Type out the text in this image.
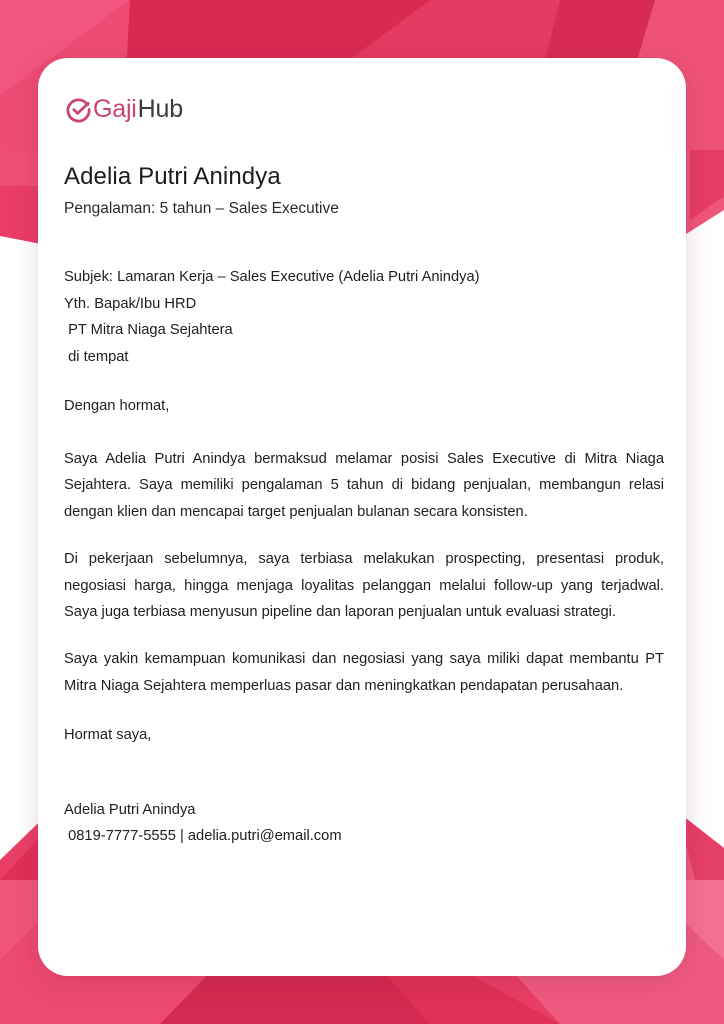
Gaji Hub
Adelia Putri Anindya
Pengalaman: 5 tahun – Sales Executive
Subjek: Lamaran Kerja – Sales Executive (Adelia Putri Anindya)
Yth. Bapak/Ibu HRD
PT Mitra Niaga Sejahtera
di tempat

Dengan hormat,

Saya Adelia Putri Anindya bermaksud melamar posisi Sales Executive di Mitra Niaga Sejahtera. Saya memiliki pengalaman 5 tahun di bidang penjualan, membangun relasi dengan klien dan mencapai target penjualan bulanan secara konsisten.

Di pekerjaan sebelumnya, saya terbiasa melakukan prospecting, presentasi produk, negosiasi harga, hingga menjaga loyalitas pelanggan melalui follow-up yang terjadwal. Saya juga terbiasa menyusun pipeline dan laporan penjualan untuk evaluasi strategi.

Saya yakin kemampuan komunikasi dan negosiasi yang saya miliki dapat membantu PT Mitra Niaga Sejahtera memperluas pasar dan meningkatkan pendapatan perusahaan.

Hormat saya,

Adelia Putri Anindya
0819-7777-5555 | adelia.putri@email.com
